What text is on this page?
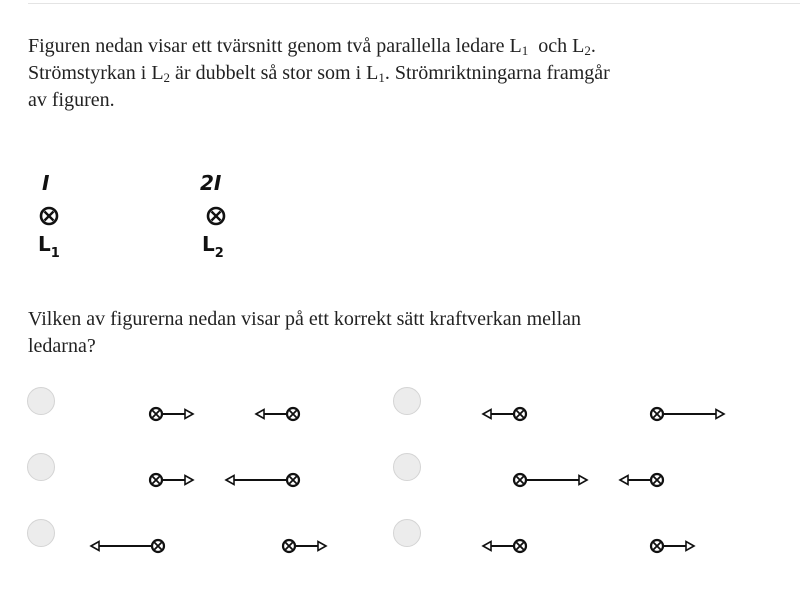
Figuren nedan visar ett tvärsnitt genom två parallella ledare $L_1$  och $L_2$.
Strömstyrkan i $L_2$ är dubbelt så stor som i $L_1$. Strömriktningarna framgår
av figuren.

I
$L_1$
2I
$L_2$

Vilken av figurerna nedan visar på ett korrekt sätt kraftverkan mellan
ledarna?
